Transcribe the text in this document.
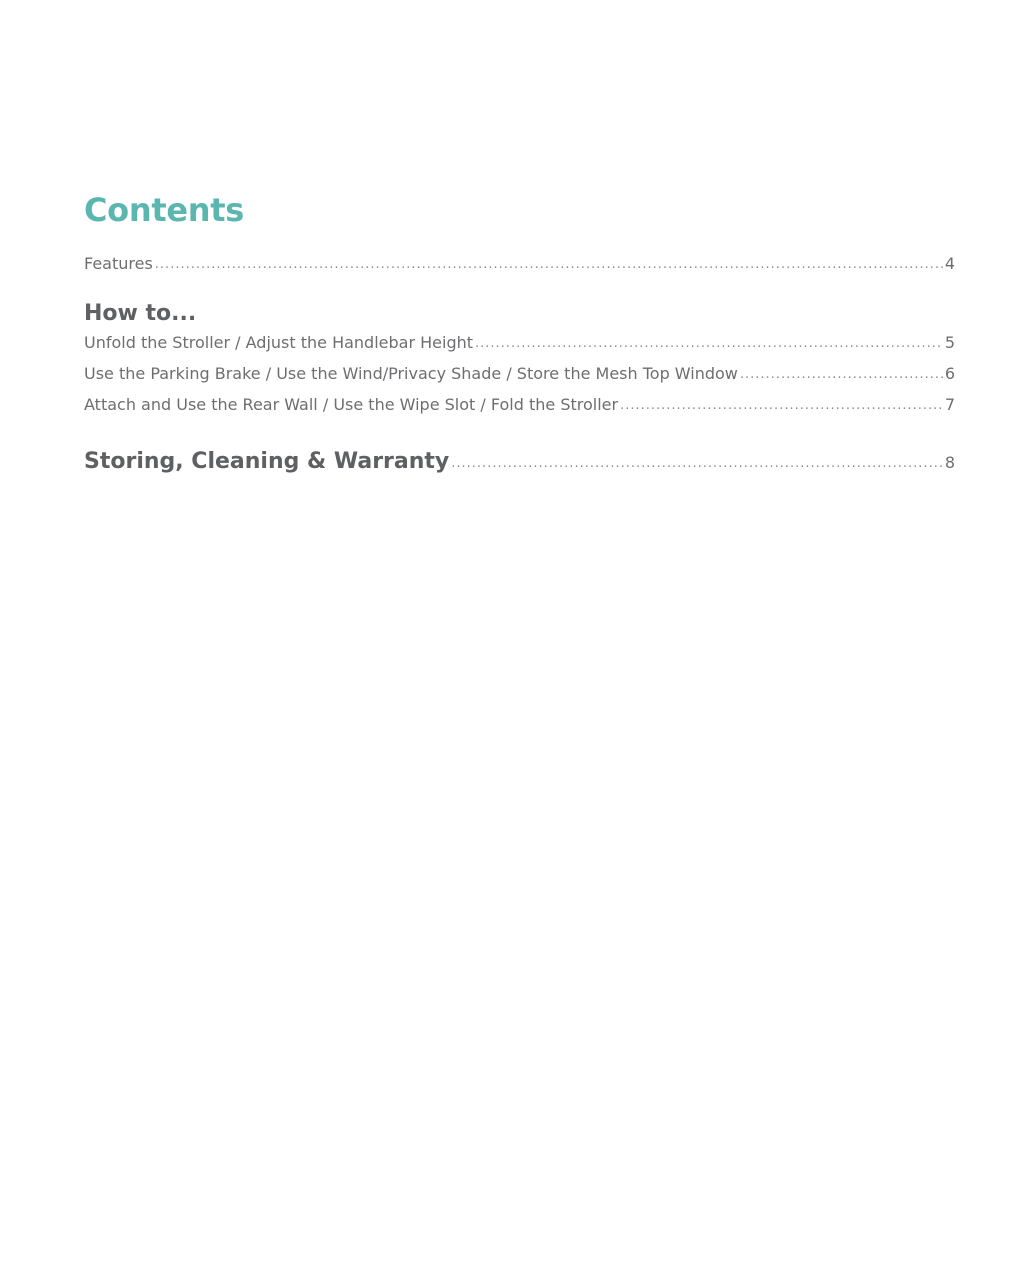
Contents
Features .....	4
How to...
Unfold the Stroller / Adjust the Handlebar Height .....	5
Use the Parking Brake / Use the Wind/Privacy Shade / Store the Mesh Top Window .....	6
Attach and Use the Rear Wall / Use the Wipe Slot / Fold the Stroller .....	7
Storing, Cleaning & Warranty .....	8
